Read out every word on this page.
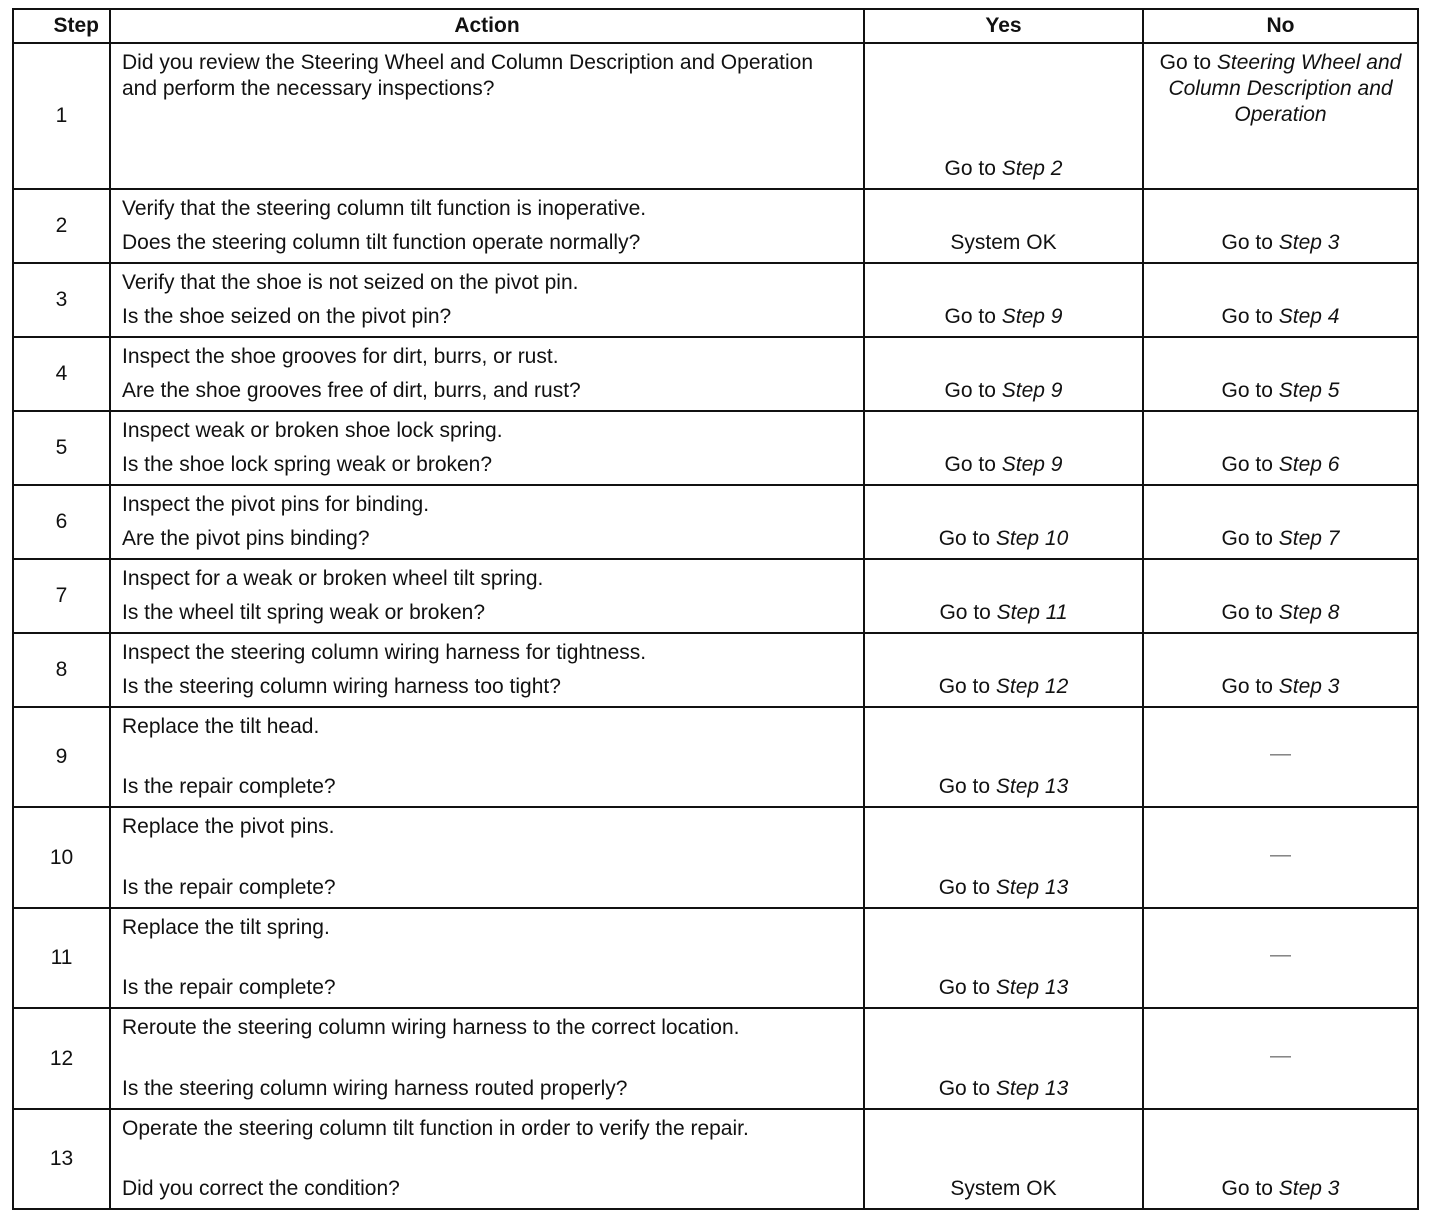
Step	Action	Yes	No
1	Did you review the Steering Wheel and Column Description and Operation and perform the necessary inspections?	Go to Step 2	Go to Steering Wheel and Column Description and Operation

2	Verify that the steering column tilt function is inoperative.
Does the steering column tilt function operate normally?	System OK	Go to Step 3

3	Verify that the shoe is not seized on the pivot pin.
Is the shoe seized on the pivot pin?	Go to Step 9	Go to Step 4

4	Inspect the shoe grooves for dirt, burrs, or rust.
Are the shoe grooves free of dirt, burrs, and rust?	Go to Step 9	Go to Step 5

5	Inspect weak or broken shoe lock spring.
Is the shoe lock spring weak or broken?	Go to Step 9	Go to Step 6

6	Inspect the pivot pins for binding.
Are the pivot pins binding?	Go to Step 10	Go to Step 7

7	Inspect for a weak or broken wheel tilt spring.
Is the wheel tilt spring weak or broken?	Go to Step 11	Go to Step 8

8	Inspect the steering column wiring harness for tightness.
Is the steering column wiring harness too tight?	Go to Step 12	Go to Step 3

9	Replace the tilt head.
Is the repair complete?	Go to Step 13	—

10	Replace the pivot pins.
Is the repair complete?	Go to Step 13	—

11	Replace the tilt spring.
Is the repair complete?	Go to Step 13	—

12	Reroute the steering column wiring harness to the correct location.
Is the steering column wiring harness routed properly?	Go to Step 13	—

13	Operate the steering column tilt function in order to verify the repair.
Did you correct the condition?	System OK	Go to Step 3
